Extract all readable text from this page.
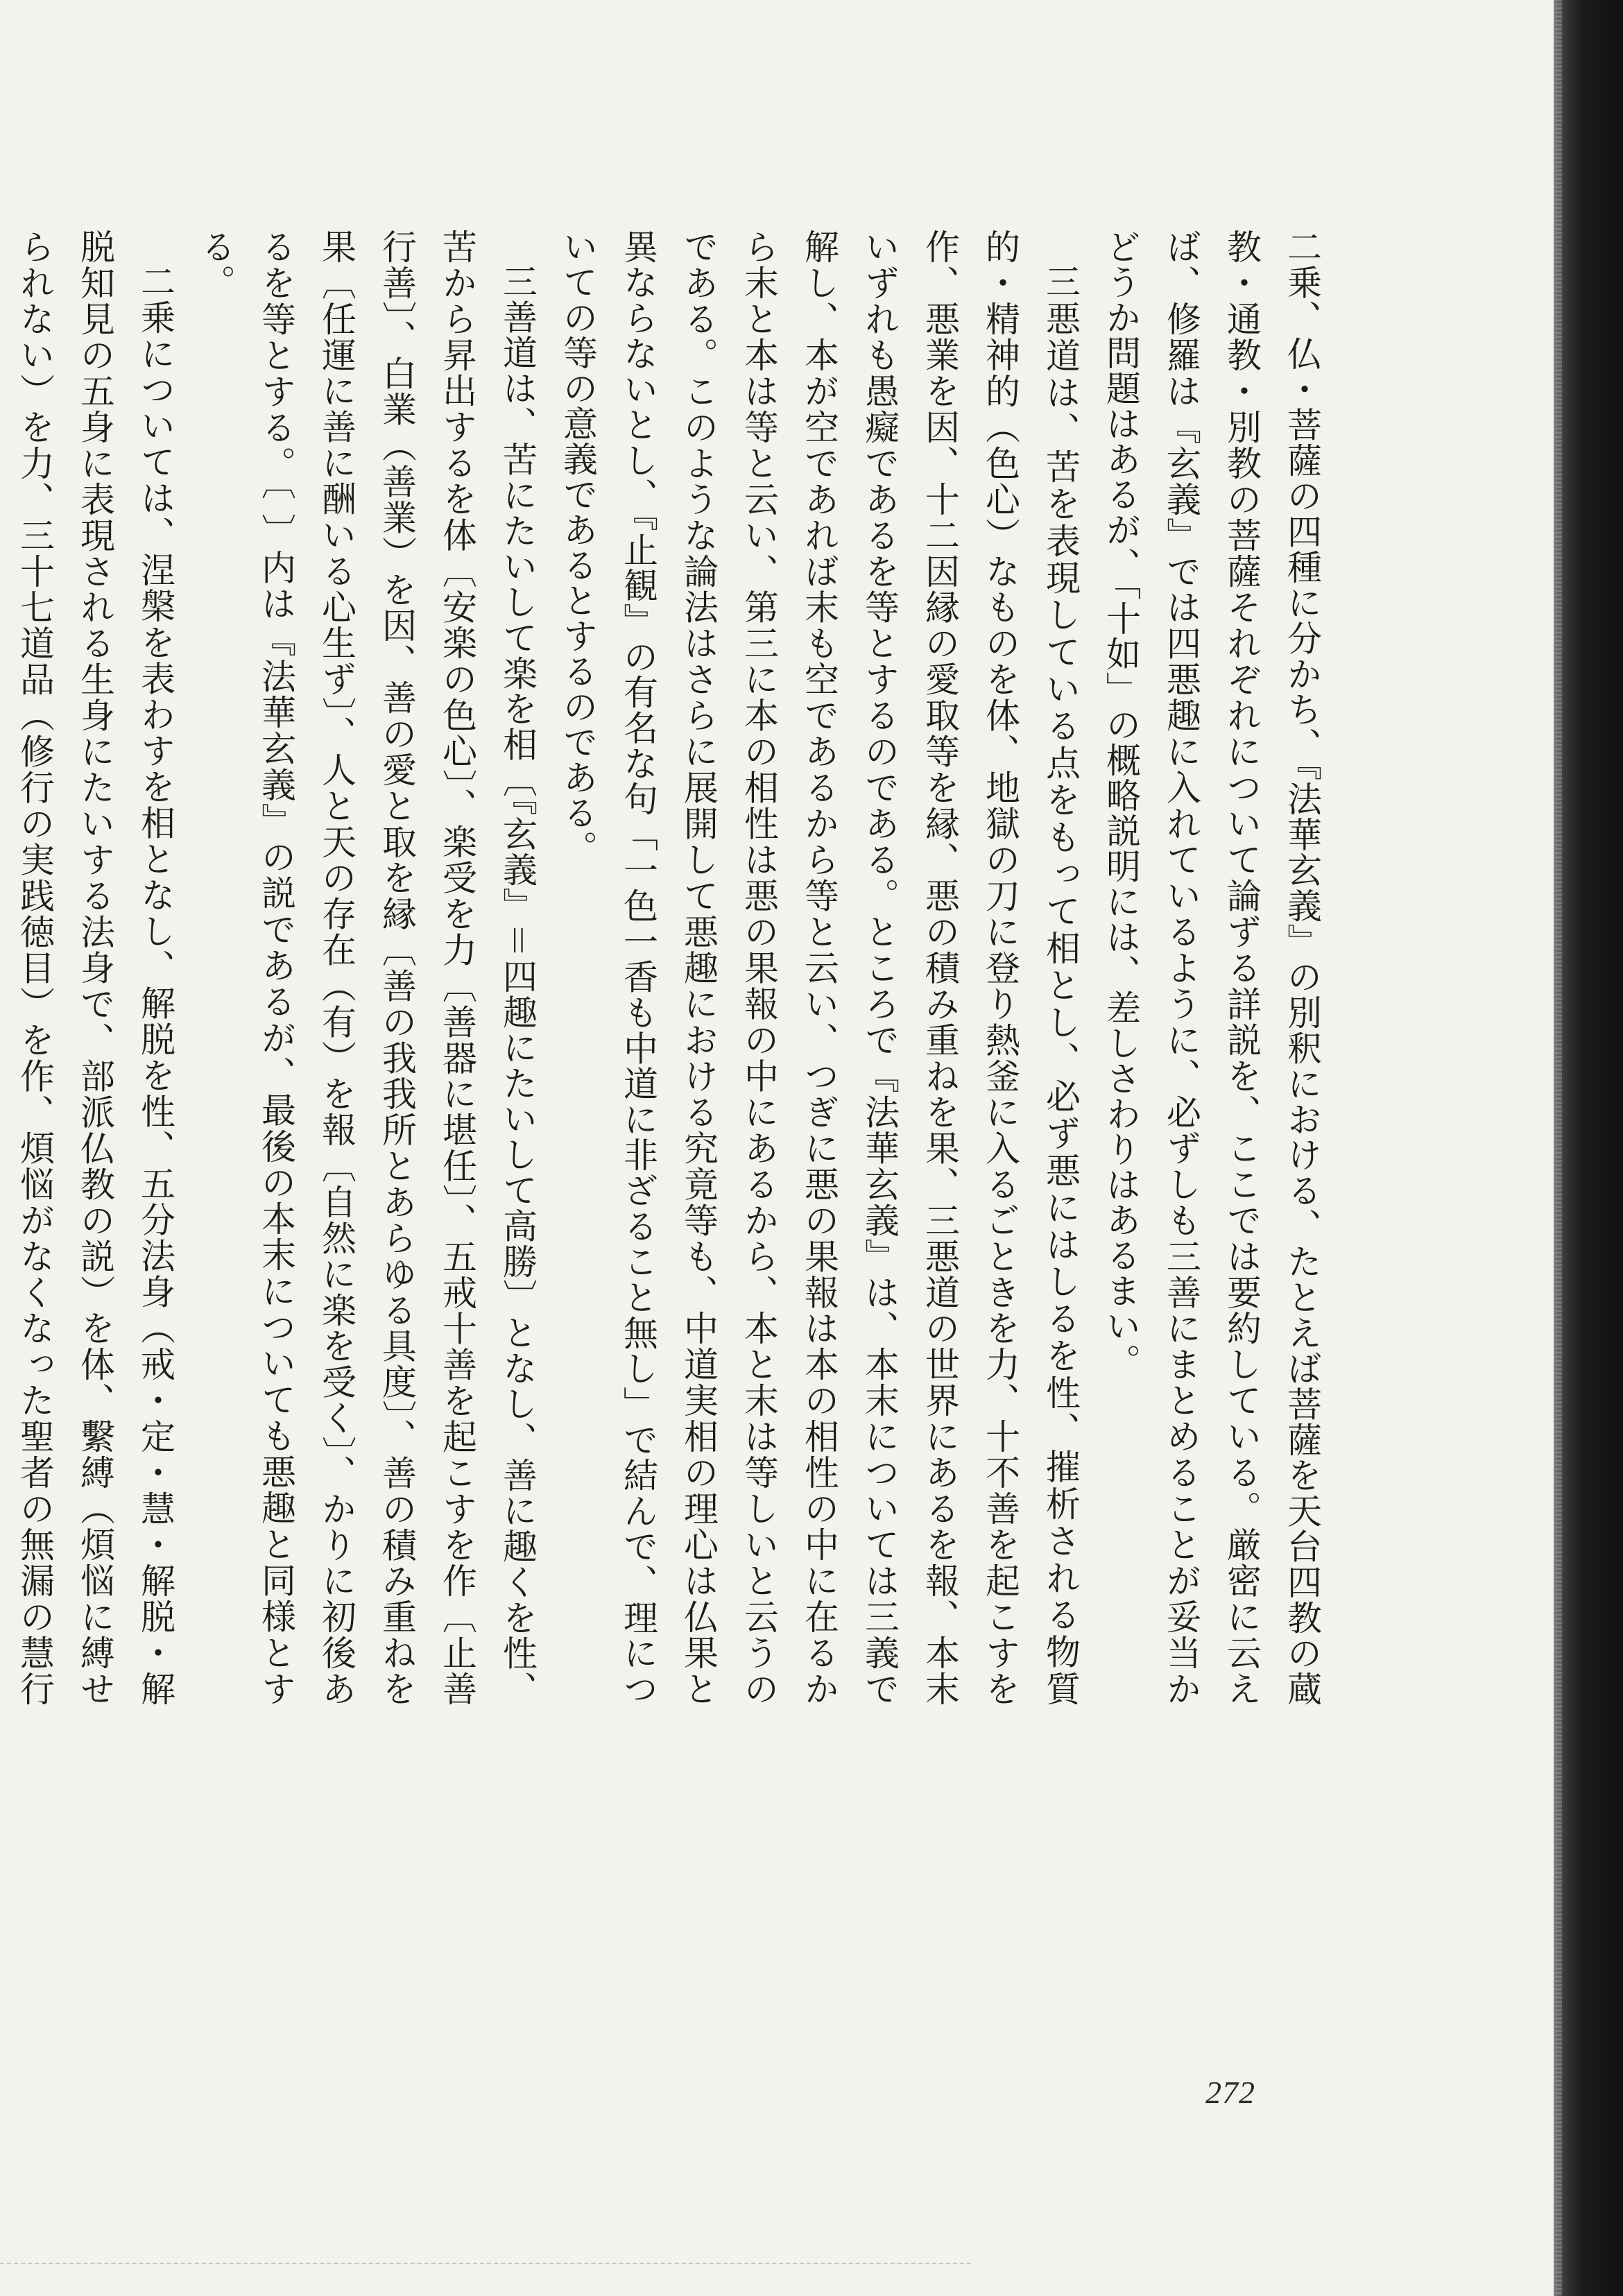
二乗、仏・菩薩の四種に分かち、『法華玄義』の別釈における、たとえば菩薩を天台四教の蔵教・通教・別教の菩薩それぞれについて論ずる詳説を、ここでは要約している。厳密に云えば、修羅は『玄義』では四悪趣に入れているように、必ずしも三善にまとめることが妥当かどうか問題はあるが、「十如」の概略説明には、差しさわりはあるまい。

三悪道は、苦を表現している点をもって相とし、必ず悪にはしるを性、摧析される物質的・精神的（色心）なものを体、地獄の刀に登り熱釜に入るごときを力、十不善を起こすを作、悪業を因、十二因縁の愛取等を縁、悪の積み重ねを果、三悪道の世界にあるを報、本末いずれも愚癡であるを等とするのである。ところで『法華玄義』は、本末については三義で解し、本が空であれば末も空であるから等と云い、つぎに悪の果報は本の相性の中に在るから末と本は等と云い、第三に本の相性は悪の果報の中にあるから、本と末は等しいと云うのである。このような論法はさらに展開して悪趣における究竟等も、中道実相の理心は仏果と異ならないとし、『止観』の有名な句「一色一香も中道に非ざること無し」で結んで、理についての等の意義であるとするのである。

三善道は、苦にたいして楽を相〔『玄義』＝四趣にたいして高勝〕となし、善に趣くを性、苦から昇出するを体〔安楽の色心〕、楽受を力〔善器に堪任〕、五戒十善を起こすを作〔止善行善〕、白業（善業）を因、善の愛と取を縁〔善の我我所とあらゆる具度〕、善の積み重ねを果〔任運に善に酬いる心生ず〕、人と天の存在（有）を報〔自然に楽を受く〕、かりに初後あるを等とする。〔 〕内は『法華玄義』の説であるが、最後の本末についても悪趣と同様とする。

二乗については、涅槃を表わすを相となし、解脱を性、五分法身（戒・定・慧・解脱・解脱知見の五身に表現される生身にたいする法身で、部派仏教の説）を体、繫縛（煩悩に縛せられない）を力、三十七道品（修行の実践徳目）を作、煩悩がなくなった聖者の無漏の慧行

272
